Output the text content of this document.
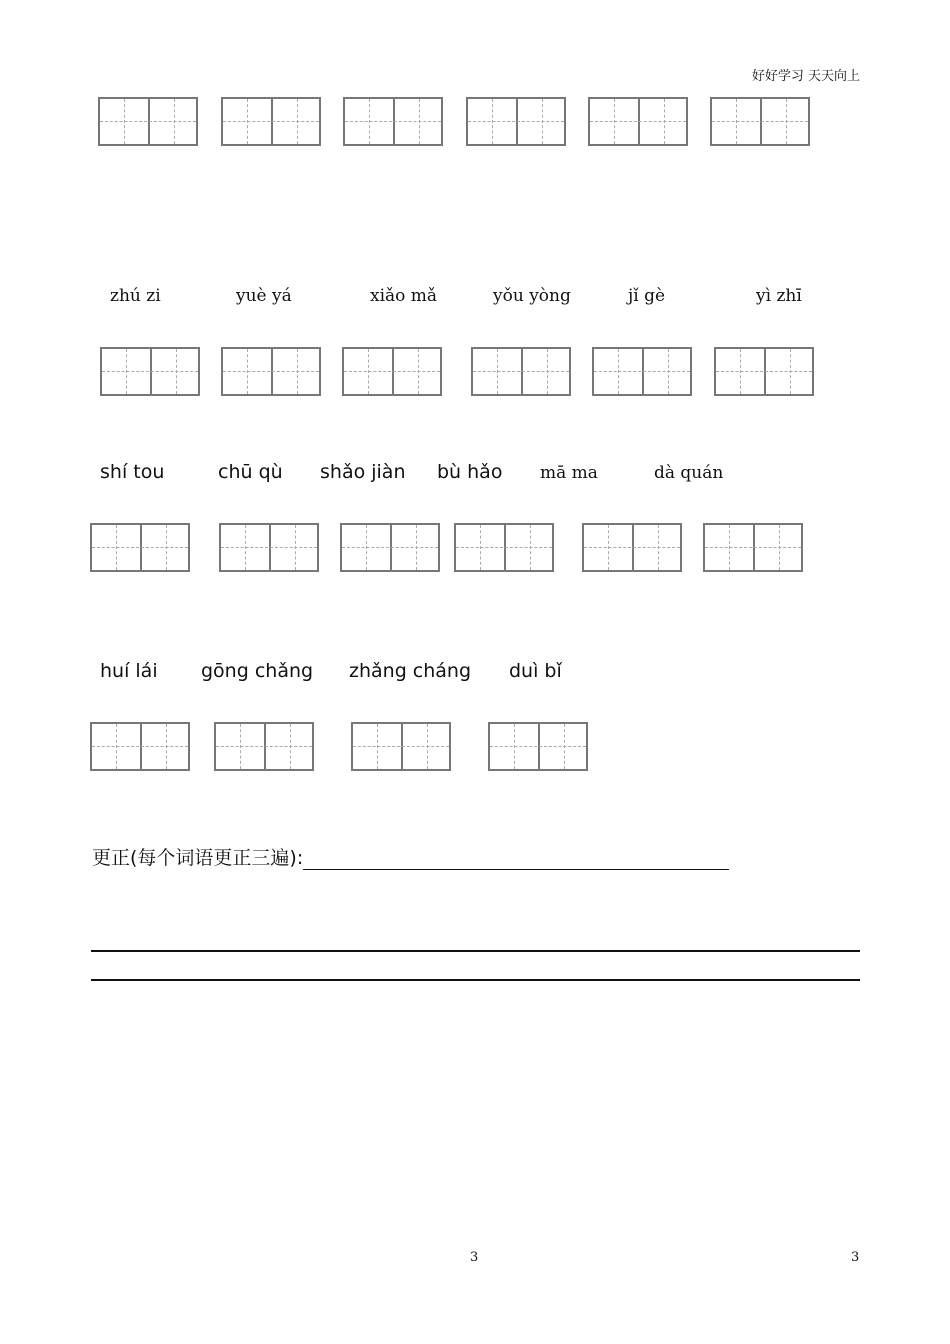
好好学习 天天向上
zhú zi	yuè yá	xiǎo mǎ	yǒu yòng	jǐ gè	yì zhī
shí tou	chū qù shǎo jiàn bù hǎo mā ma	dà quán
huí lái gōng chǎng zhǎng cháng duì bǐ
更正(每个词语更正三遍):
3	3
